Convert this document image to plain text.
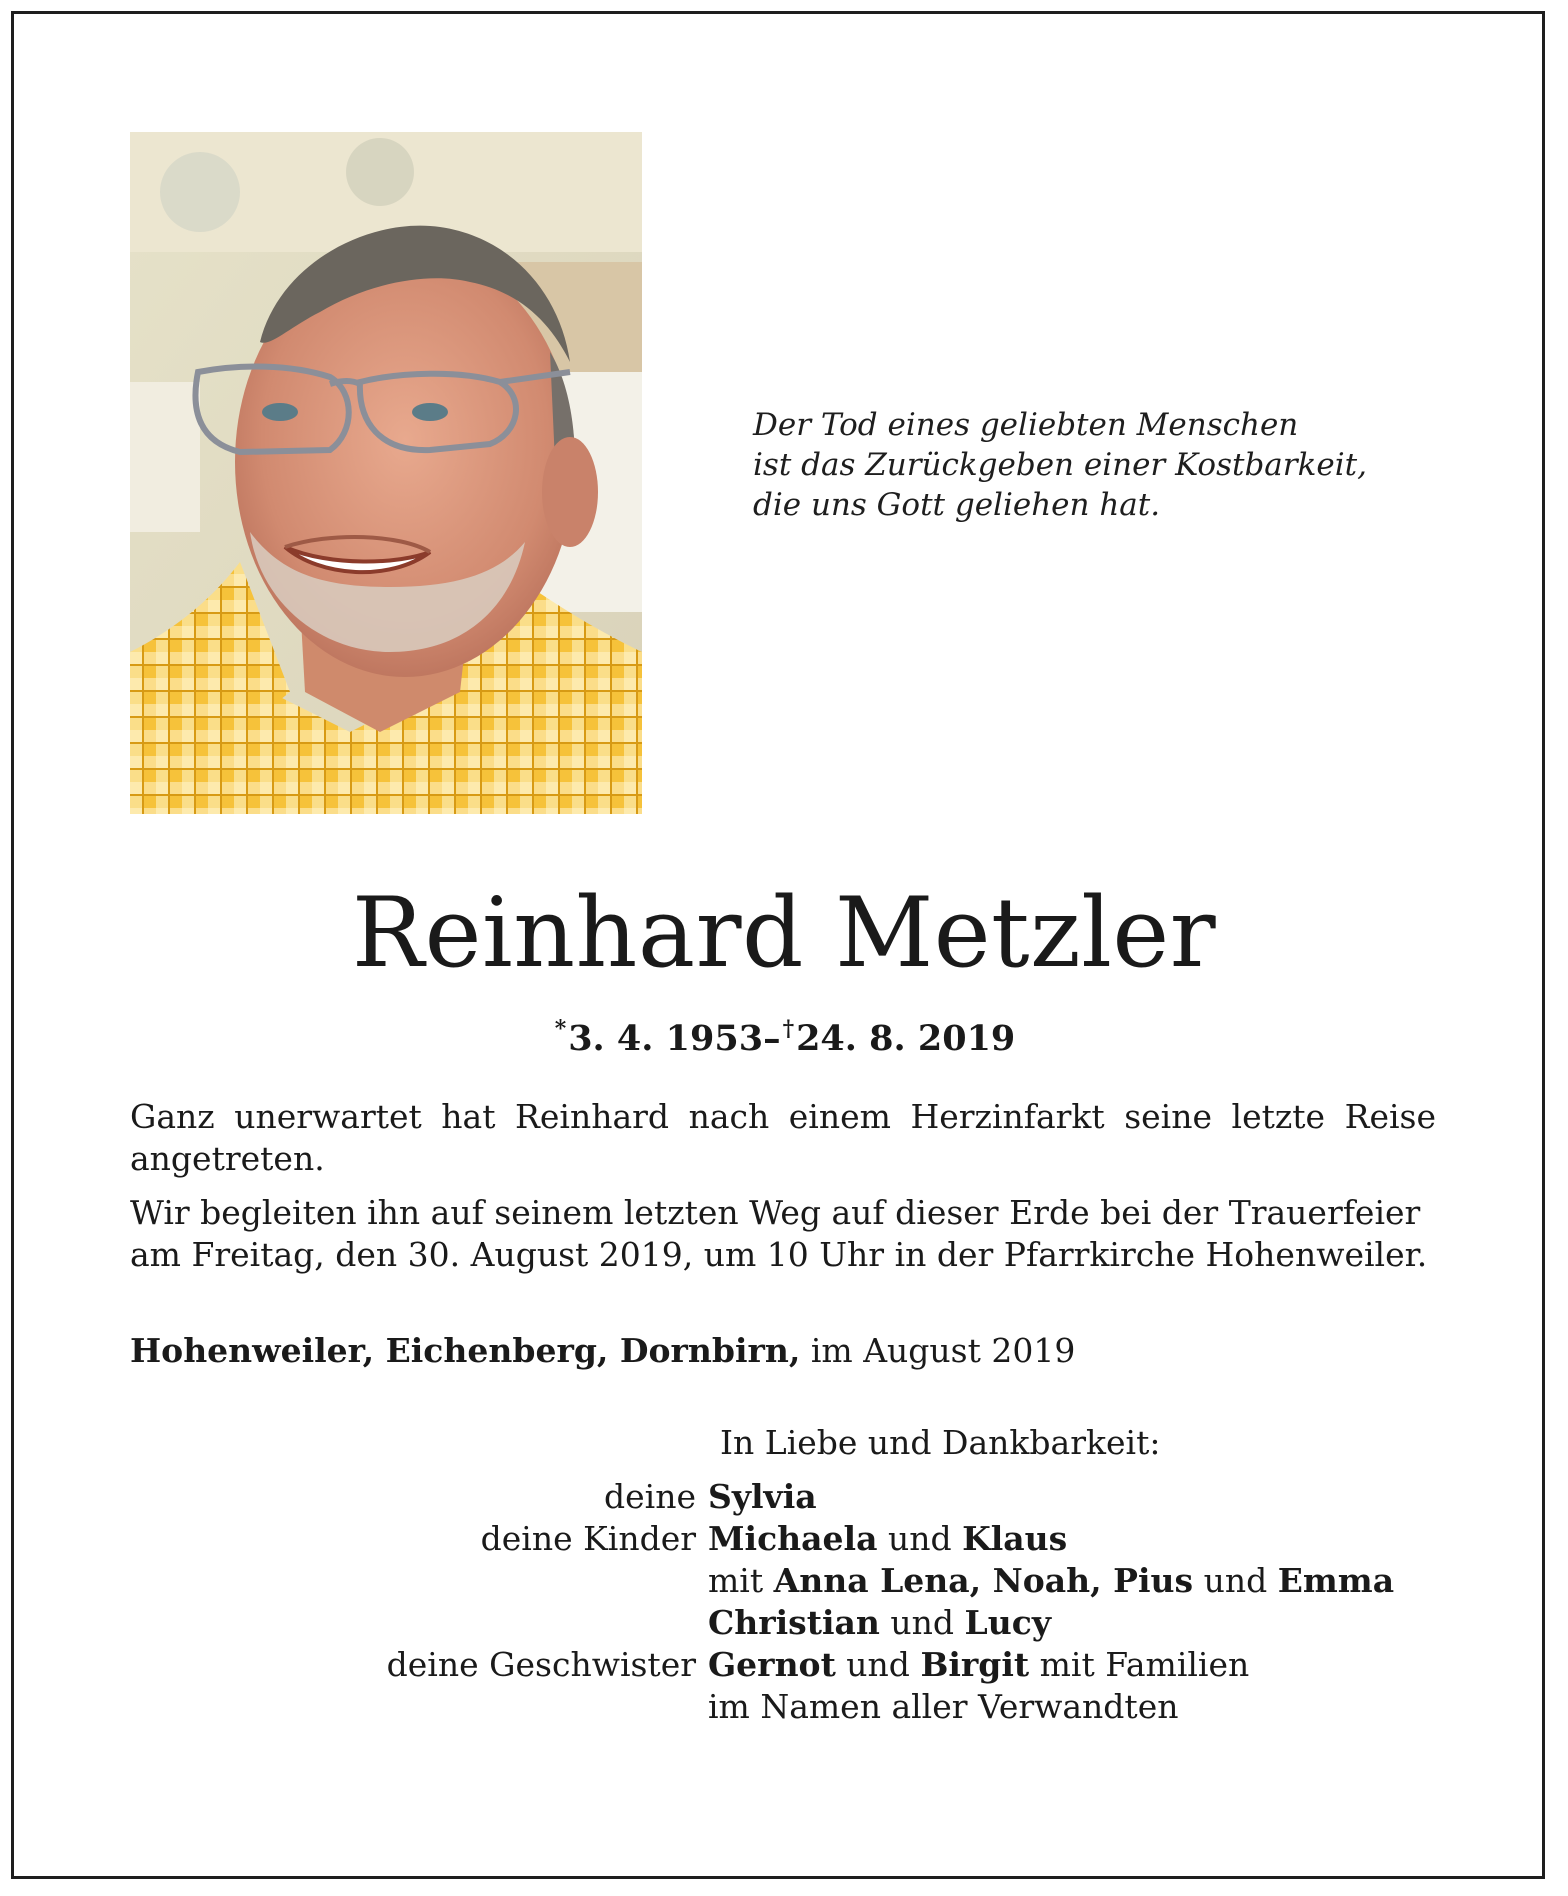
Der Tod eines geliebten Menschen
ist das Zurückgeben einer Kostbarkeit,
die uns Gott geliehen hat.
Reinhard Metzler
*3. 4. 1953–†24. 8. 2019
Ganz unerwartet hat Reinhard nach einem Herzinfarkt seine letzte Reise
angetreten.
Wir begleiten ihn auf seinem letzten Weg auf dieser Erde bei der Trauerfeier
am Freitag, den 30. August 2019, um 10 Uhr in der Pfarrkirche Hohenweiler.
Hohenweiler, Eichenberg, Dornbirn, im August 2019
In Liebe und Dankbarkeit:
deine Sylvia
deine Kinder Michaela und Klaus
mit Anna Lena, Noah, Pius und Emma
Christian und Lucy
deine Geschwister Gernot und Birgit mit Familien
im Namen aller Verwandten
